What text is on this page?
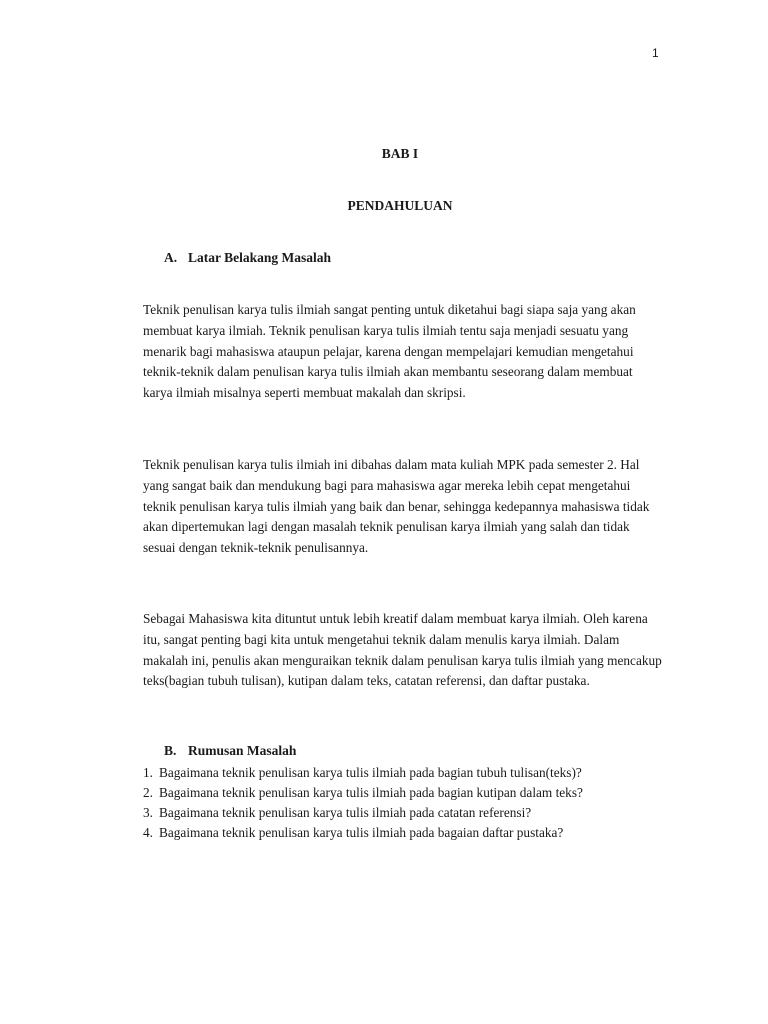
1
BAB I
PENDAHULUAN
A. Latar Belakang Masalah

Teknik penulisan karya tulis ilmiah sangat penting untuk diketahui bagi siapa saja yang akan membuat karya ilmiah. Teknik penulisan karya tulis ilmiah tentu saja menjadi sesuatu yang menarik bagi mahasiswa ataupun pelajar, karena dengan mempelajari kemudian mengetahui teknik-teknik dalam penulisan karya tulis ilmiah akan membantu seseorang dalam membuat karya ilmiah misalnya seperti membuat makalah dan skripsi.

Teknik penulisan karya tulis ilmiah ini dibahas dalam mata kuliah MPK pada semester 2. Hal yang sangat baik dan mendukung bagi para mahasiswa agar mereka lebih cepat mengetahui teknik penulisan karya tulis ilmiah yang baik dan benar, sehingga kedepannya mahasiswa tidak akan dipertemukan lagi dengan masalah teknik penulisan karya ilmiah yang salah dan tidak sesuai dengan teknik-teknik penulisannya.

Sebagai Mahasiswa kita dituntut untuk lebih kreatif dalam membuat karya ilmiah. Oleh karena itu, sangat penting bagi kita untuk mengetahui teknik dalam menulis karya ilmiah. Dalam makalah ini, penulis akan menguraikan teknik dalam penulisan karya tulis ilmiah yang mencakup teks(bagian tubuh tulisan), kutipan dalam teks, catatan referensi, dan daftar pustaka.

B. Rumusan Masalah
1. Bagaimana teknik penulisan karya tulis ilmiah pada bagian tubuh tulisan(teks)?
2. Bagaimana teknik penulisan karya tulis ilmiah pada bagian kutipan dalam teks?
3. Bagaimana teknik penulisan karya tulis ilmiah pada catatan referensi?
4. Bagaimana teknik penulisan karya tulis ilmiah pada bagaian daftar pustaka?
